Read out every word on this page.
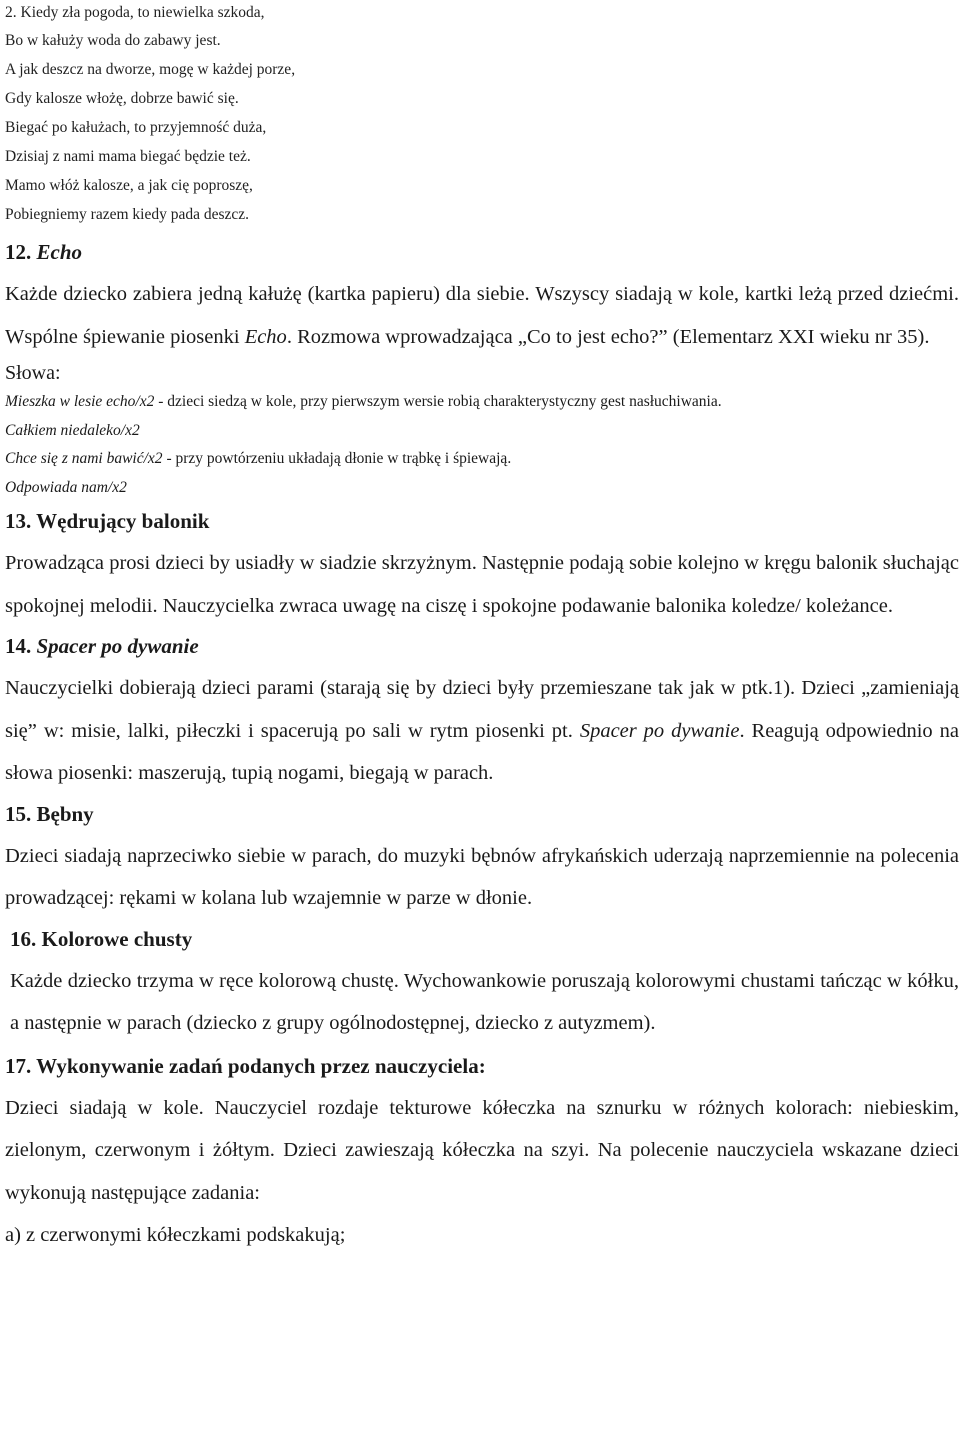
2. Kiedy zła pogoda, to niewielka szkoda,

Bo w kałuży woda do zabawy jest.

A jak deszcz na dworze, mogę w każdej porze,

Gdy kalosze włożę, dobrze bawić się.

Biegać po kałużach, to przyjemność duża,

Dzisiaj z nami mama biegać będzie też.

Mamo włóż kalosze, a jak cię poproszę,

Pobiegniemy razem kiedy pada deszcz.

12. Echo

Każde dziecko zabiera jedną kałużę (kartka papieru) dla siebie. Wszyscy siadają w kole, kartki leżą przed dziećmi. Wspólne śpiewanie piosenki Echo. Rozmowa wprowadzająca „Co to jest echo?” (Elementarz XXI wieku nr 35).

Słowa:

Mieszka w lesie echo/x2 - dzieci siedzą w kole, przy pierwszym wersie robią charakterystyczny gest nasłuchiwania.

Całkiem niedaleko/x2

Chce się z nami bawić/x2 - przy powtórzeniu układają dłonie w trąbkę i śpiewają.

Odpowiada nam/x2

13. Wędrujący balonik

Prowadząca prosi dzieci by usiadły w siadzie skrzyżnym. Następnie podają sobie kolejno w kręgu balonik słuchając spokojnej melodii. Nauczycielka zwraca uwagę na ciszę i spokojne podawanie balonika koledze/ koleżance.

14. Spacer po dywanie

Nauczycielki dobierają dzieci parami (starają się by dzieci były przemieszane tak jak w ptk.1). Dzieci „zamieniają się” w: misie, lalki, piłeczki i spacerują po sali w rytm piosenki pt. Spacer po dywanie. Reagują odpowiednio na słowa piosenki: maszerują, tupią nogami, biegają w parach.

15. Bębny

Dzieci siadają naprzeciwko siebie w parach, do muzyki bębnów afrykańskich uderzają naprzemiennie na polecenia prowadzącej: rękami w kolana lub wzajemnie w parze w dłonie.

16. Kolorowe chusty

Każde dziecko trzyma w ręce kolorową chustę. Wychowankowie poruszają kolorowymi chustami tańcząc w kółku, a następnie w parach (dziecko z grupy ogólnodostępnej, dziecko z autyzmem).

17. Wykonywanie zadań podanych przez nauczyciela:

Dzieci siadają w kole. Nauczyciel rozdaje tekturowe kółeczka na sznurku w różnych kolorach: niebieskim, zielonym, czerwonym i żółtym. Dzieci zawieszają kółeczka na szyi. Na polecenie nauczyciela wskazane dzieci wykonują następujące zadania:

a) z czerwonymi kółeczkami podskakują;
